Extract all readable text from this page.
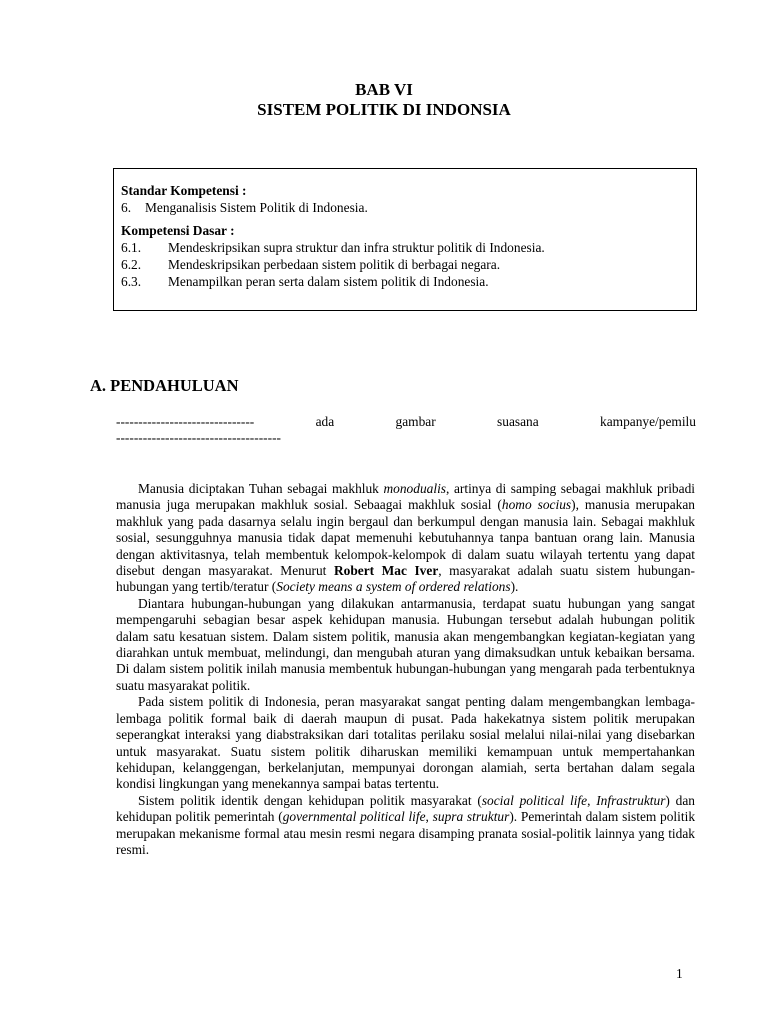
BAB VI
SISTEM POLITIK DI INDONSIA
Standar Kompetensi :
6.	Menganalisis Sistem Politik di Indonesia.
Kompetensi Dasar :
6.1.	Mendeskripsikan supra struktur dan infra struktur politik di Indonesia.
6.2.	Mendeskripsikan perbedaan sistem politik di berbagai negara.
6.3.	Menampilkan peran serta dalam sistem politik di Indonesia.
A. PENDAHULUAN
-------------------------------	ada	gambar	suasana	kampanye/pemilu
-------------------------------------

Manusia diciptakan Tuhan sebagai makhluk monodualis, artinya di samping sebagai makhluk pribadi manusia juga merupakan makhluk sosial. Sebaagai makhluk sosial (homo socius), manusia merupakan makhluk yang pada dasarnya selalu ingin bergaul dan berkumpul dengan manusia lain. Sebagai makhluk sosial, sesungguhnya manusia tidak dapat memenuhi kebutuhannya tanpa bantuan orang lain. Manusia dengan aktivitasnya, telah membentuk kelompok-kelompok di dalam suatu wilayah tertentu yang dapat disebut dengan masyarakat. Menurut Robert Mac Iver, masyarakat adalah suatu sistem hubungan-hubungan yang tertib/teratur (Society means a system of ordered relations).

Diantara hubungan-hubungan yang dilakukan antarmanusia, terdapat suatu hubungan yang sangat mempengaruhi sebagian besar aspek kehidupan manusia. Hubungan tersebut adalah hubungan politik dalam satu kesatuan sistem. Dalam sistem politik, manusia akan mengembangkan kegiatan-kegiatan yang diarahkan untuk membuat, melindungi, dan mengubah aturan yang dimaksudkan untuk kebaikan bersama. Di dalam sistem politik inilah manusia membentuk hubungan-hubungan yang mengarah pada terbentuknya suatu masyarakat politik.

Pada sistem politik di Indonesia, peran masyarakat sangat penting dalam mengembangkan lembaga-lembaga politik formal baik di daerah maupun di pusat. Pada hakekatnya sistem politik merupakan seperangkat interaksi yang diabstraksikan dari totalitas perilaku sosial melalui nilai-nilai yang disebarkan untuk masyarakat. Suatu sistem politik diharuskan memiliki kemampuan untuk mempertahankan kehidupan, kelanggengan, berkelanjutan, mempunyai dorongan alamiah, serta bertahan dalam segala kondisi lingkungan yang menekannya sampai batas tertentu.

Sistem politik identik dengan kehidupan politik masyarakat (social political life, Infrastruktur) dan kehidupan politik pemerintah (governmental political life, supra struktur). Pemerintah dalam sistem politik merupakan mekanisme formal atau mesin resmi negara disamping pranata sosial-politik lainnya yang tidak resmi.

1
